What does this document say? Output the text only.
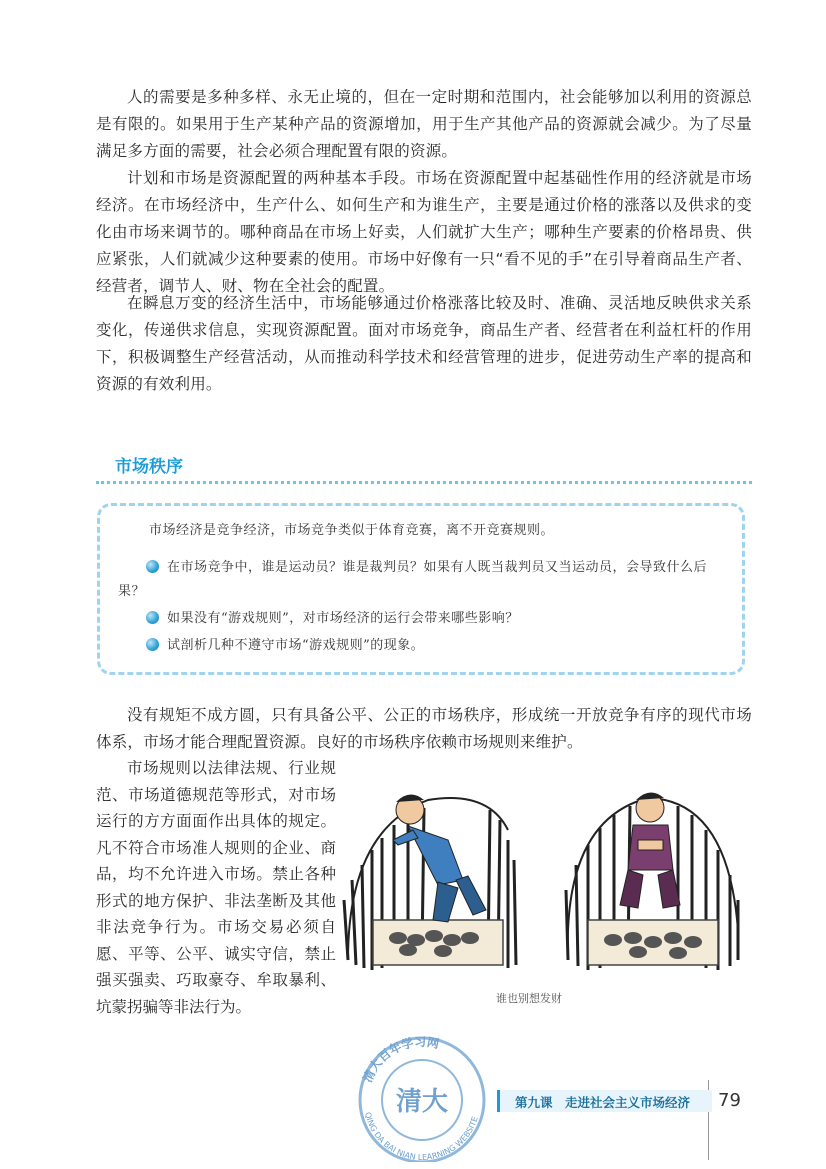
人的需要是多种多样、永无止境的，但在一定时期和范围内，社会能够加以利用的资源总是有限的。如果用于生产某种产品的资源增加，用于生产其他产品的资源就会减少。为了尽量满足多方面的需要，社会必须合理配置有限的资源。

计划和市场是资源配置的两种基本手段。市场在资源配置中起基础性作用的经济就是市场经济。在市场经济中，生产什么、如何生产和为谁生产，主要是通过价格的涨落以及供求的变化由市场来调节的。哪种商品在市场上好卖，人们就扩大生产；哪种生产要素的价格昂贵、供应紧张，人们就减少这种要素的使用。市场中好像有一只“看不见的手”在引导着商品生产者、经营者，调节人、财、物在全社会的配置。

在瞬息万变的经济生活中，市场能够通过价格涨落比较及时、准确、灵活地反映供求关系变化，传递供求信息，实现资源配置。面对市场竞争，商品生产者、经营者在利益杠杆的作用下，积极调整生产经营活动，从而推动科学技术和经营管理的进步，促进劳动生产率的提高和资源的有效利用。

市场秩序
市场经济是竞争经济，市场竞争类似于体育竞赛，离不开竞赛规则。
在市场竞争中，谁是运动员？谁是裁判员？如果有人既当裁判员又当运动员，会导致什么后果？
如果没有“游戏规则”，对市场经济的运行会带来哪些影响？
试剖析几种不遵守市场“游戏规则”的现象。

没有规矩不成方圆，只有具备公平、公正的市场秩序，形成统一开放竞争有序的现代市场体系，市场才能合理配置资源。良好的市场秩序依赖市场规则来维护。

市场规则以法律法规、行业规范、市场道德规范等形式，对市场运行的方方面面作出具体的规定。凡不符合市场准人规则的企业、商品，均不允许进入市场。禁止各种形式的地方保护、非法垄断及其他非法竞争行为。市场交易必须自愿、平等、公平、诚实守信，禁止强买强卖、巧取豪夺、牟取暴利、坑蒙拐骗等非法行为。	谁也别想发财
第九课　走进社会主义市场经济 79
清大百年学习网
QING DA BAI NIAN LEARNING WEBSITE
清大
